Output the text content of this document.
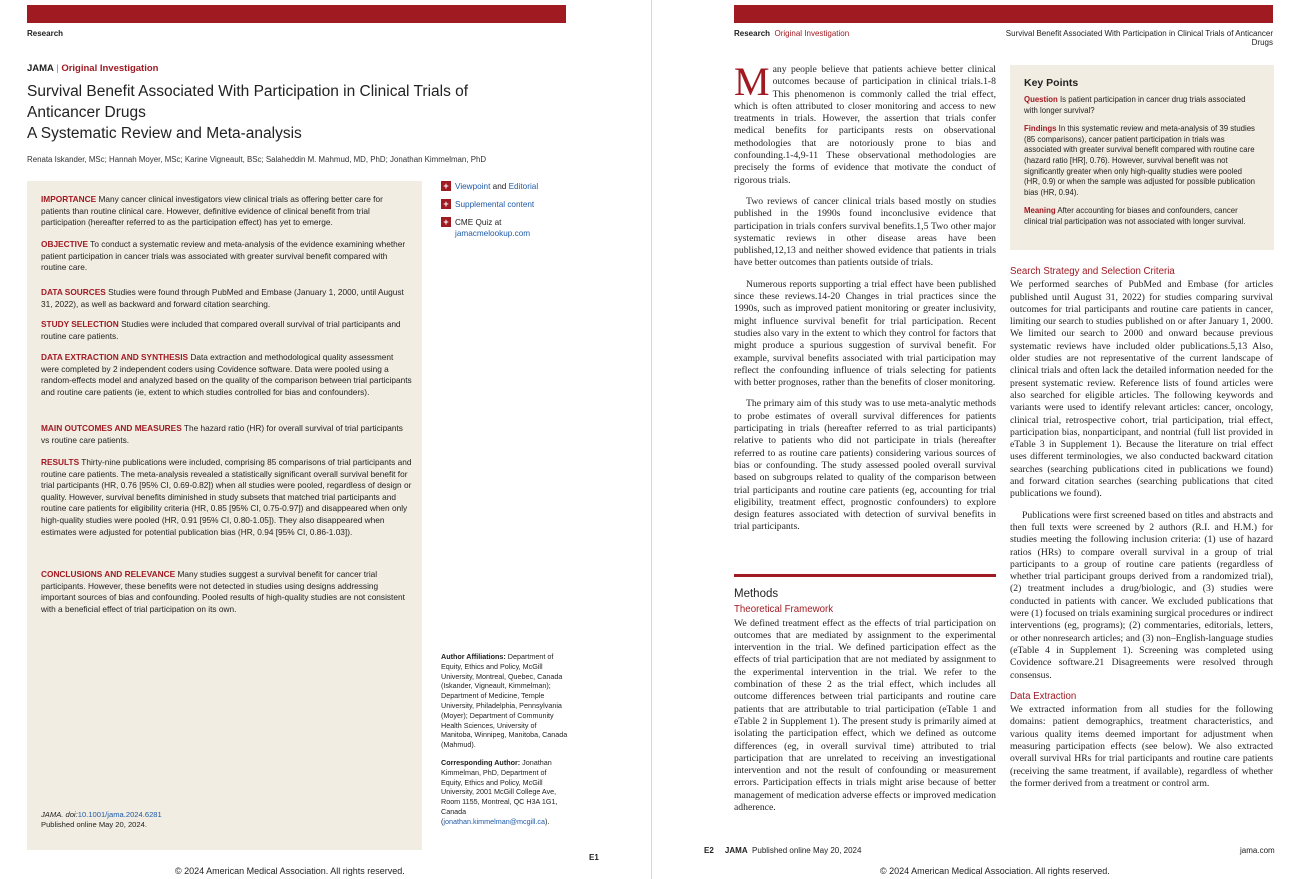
Research
JAMA | Original Investigation
Survival Benefit Associated With Participation in Clinical Trials of Anticancer Drugs
A Systematic Review and Meta-analysis
Renata Iskander, MSc; Hannah Moyer, MSc; Karine Vigneault, BSc; Salaheddin M. Mahmud, MD, PhD; Jonathan Kimmelman, PhD
IMPORTANCE Many cancer clinical investigators view clinical trials as offering better care for patients than routine clinical care. However, definitive evidence of clinical benefit from trial participation (hereafter referred to as the participation effect) has yet to emerge.
OBJECTIVE To conduct a systematic review and meta-analysis of the evidence examining whether patient participation in cancer trials was associated with greater survival benefit compared with routine care.
DATA SOURCES Studies were found through PubMed and Embase (January 1, 2000, until August 31, 2022), as well as backward and forward citation searching.
STUDY SELECTION Studies were included that compared overall survival of trial participants and routine care patients.
DATA EXTRACTION AND SYNTHESIS Data extraction and methodological quality assessment were completed by 2 independent coders using Covidence software. Data were pooled using a random-effects model and analyzed based on the quality of the comparison between trial participants and routine care patients (ie, extent to which studies controlled for bias and confounders).
MAIN OUTCOMES AND MEASURES The hazard ratio (HR) for overall survival of trial participants vs routine care patients.
RESULTS Thirty-nine publications were included, comprising 85 comparisons of trial participants and routine care patients. The meta-analysis revealed a statistically significant overall survival benefit for trial participants (HR, 0.76 [95% CI, 0.69-0.82]) when all studies were pooled, regardless of design or quality. However, survival benefits diminished in study subsets that matched trial participants and routine care patients for eligibility criteria (HR, 0.85 [95% CI, 0.75-0.97]) and disappeared when only high-quality studies were pooled (HR, 0.91 [95% CI, 0.80-1.05]). They also disappeared when estimates were adjusted for potential publication bias (HR, 0.94 [95% CI, 0.86-1.03]).
CONCLUSIONS AND RELEVANCE Many studies suggest a survival benefit for cancer trial participants. However, these benefits were not detected in studies using designs addressing important sources of bias and confounding. Pooled results of high-quality studies are not consistent with a beneficial effect of trial participation on its own.
+ Viewpoint and Editorial
+ Supplemental content
+ CME Quiz at
jamacmelookup.com
Author Affiliations: Department of Equity, Ethics and Policy, McGill University, Montreal, Quebec, Canada (Iskander, Vigneault, Kimmelman); Department of Medicine, Temple University, Philadelphia, Pennsylvania (Moyer); Department of Community Health Sciences, University of Manitoba, Winnipeg, Manitoba, Canada (Mahmud).
Corresponding Author: Jonathan Kimmelman, PhD, Department of Equity, Ethics and Policy, McGill University, 2001 McGill College Ave, Room 1155, Montreal, QC H3A 1G1, Canada (jonathan.kimmelman@mcgill.ca).
JAMA. doi:10.1001/jama.2024.6281
Published online May 20, 2024.
E1
© 2024 American Medical Association. All rights reserved.
Research Original Investigation	Survival Benefit Associated With Participation in Clinical Trials of Anticancer Drugs

Many people believe that patients achieve better clinical outcomes because of participation in clinical trials.1-8 This phenomenon is commonly called the trial effect, which is often attributed to closer monitoring and access to new treatments in trials. However, the assertion that trials confer medical benefits for participants rests on observational methodologies that are notoriously prone to bias and confounding.1-4,9-11 These observational methodologies are precisely the forms of evidence that motivate the conduct of rigorous trials.

Two reviews of cancer clinical trials based mostly on studies published in the 1990s found inconclusive evidence that participation in trials confers survival benefits.1,5 Two other major systematic reviews in other disease areas have been published,12,13 and neither showed evidence that patients in trials have better outcomes than patients outside of trials.

Numerous reports supporting a trial effect have been published since these reviews.14-20 Changes in trial practices since the 1990s, such as improved patient monitoring or greater inclusivity, might influence survival benefit for trial participation. Recent studies also vary in the extent to which they control for factors that might produce a spurious suggestion of survival benefit. For example, survival benefits associated with trial participation may reflect the confounding influence of trials selecting for patients with better prognoses, rather than the benefits of closer monitoring.

The primary aim of this study was to use meta-analytic methods to probe estimates of overall survival differences for patients participating in trials (hereafter referred to as trial participants) relative to patients who did not participate in trials (hereafter referred to as routine care patients) considering various sources of bias or confounding. The study assessed pooled overall survival based on subgroups related to quality of the comparison between trial participants and routine care patients (eg, accounting for trial eligibility, treatment effect, prognostic confounders) to explore design features associated with detection of survival benefits in trial participants.

Methods
Theoretical Framework

We defined treatment effect as the effects of trial participation on outcomes that are mediated by assignment to the experimental intervention in the trial. We defined participation effect as the effects of trial participation that are not mediated by assignment to the experimental intervention in the trial. We refer to the combination of these 2 as the trial effect, which includes all outcome differences between trial participants and routine care patients that are attributable to trial participation (eTable 1 and eTable 2 in Supplement 1). The present study is primarily aimed at isolating the participation effect, which we defined as outcome differences (eg, in overall survival time) attributed to trial participation that are unrelated to receiving an investigational intervention and not the result of confounding or measurement errors. Participation effects in trials might arise because of better management of medication adverse effects or improved medication adherence.

Key Points
Question Is patient participation in cancer drug trials associated with longer survival?
Findings In this systematic review and meta-analysis of 39 studies (85 comparisons), cancer patient participation in trials was associated with greater survival benefit compared with routine care (hazard ratio [HR], 0.76). However, survival benefit was not significantly greater when only high-quality studies were pooled (HR, 0.9) or when the sample was adjusted for possible publication bias (HR, 0.94).
Meaning After accounting for biases and confounders, cancer clinical trial participation was not associated with longer survival.
Search Strategy and Selection Criteria

We performed searches of PubMed and Embase (for articles published until August 31, 2022) for studies comparing survival outcomes for trial participants and routine care patients in cancer, limiting our search to studies published on or after January 1, 2000. We limited our search to 2000 and onward because previous systematic reviews have included older publications.5,13 Also, older studies are not representative of the current landscape of clinical trials and often lack the detailed information needed for the present systematic review. Reference lists of found articles were also searched for eligible articles. The following keywords and variants were used to identify relevant articles: cancer, oncology, clinical trial, retrospective cohort, trial participation, trial effect, participation bias, nonparticipant, and nontrial (full list provided in eTable 3 in Supplement 1). Because the literature on trial effect uses different terminologies, we also conducted backward citation searches (searching publications cited in publications we found) and forward citation searches (searching publications that cited publications we found).

Publications were first screened based on titles and abstracts and then full texts were screened by 2 authors (R.I. and H.M.) for studies meeting the following inclusion criteria: (1) use of hazard ratios (HRs) to compare overall survival in a group of trial participants to a group of routine care patients (regardless of whether trial participant groups derived from a randomized trial), (2) treatment includes a drug/biologic, and (3) studies were conducted in patients with cancer. We excluded publications that were (1) focused on trials examining surgical procedures or indirect interventions (eg, programs); (2) commentaries, editorials, letters, or other nonresearch articles; and (3) non–English-language studies (eTable 4 in Supplement 1). Screening was completed using Covidence software.21 Disagreements were resolved through consensus.

Data Extraction

We extracted information from all studies for the following domains: patient demographics, treatment characteristics, and various quality items deemed important for adjustment when measuring participation effects (see below). We also extracted overall survival HRs for trial participants and routine care patients (receiving the same treatment, if available), regardless of whether the former derived from a treatment or control arm.

E2 JAMA Published online May 20, 2024	jama.com
© 2024 American Medical Association. All rights reserved.
